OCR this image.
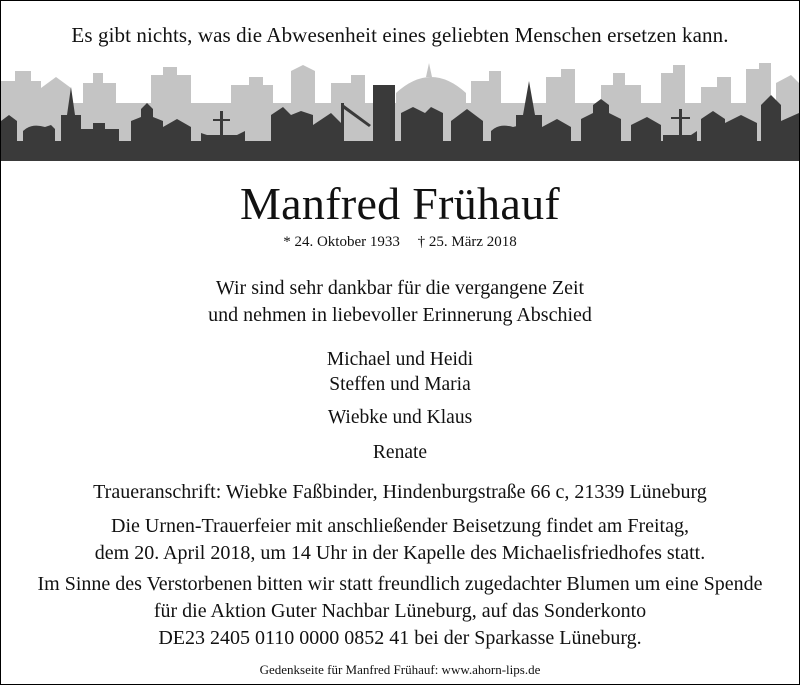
Es gibt nichts, was die Abwesenheit eines geliebten Menschen ersetzen kann.
Manfred Frühauf
* 24. Oktober 1933 † 25. März 2018
Wir sind sehr dankbar für die vergangene Zeit
und nehmen in liebevoller Erinnerung Abschied
Michael und Heidi
Steffen und Maria
Wiebke und Klaus
Renate
Traueranschrift: Wiebke Faßbinder, Hindenburgstraße 66 c, 21339 Lüneburg
Die Urnen-Trauerfeier mit anschließender Beisetzung findet am Freitag,
dem 20. April 2018, um 14 Uhr in der Kapelle des Michaelisfriedhofes statt.
Im Sinne des Verstorbenen bitten wir statt freundlich zugedachter Blumen um eine Spende
für die Aktion Guter Nachbar Lüneburg, auf das Sonderkonto
DE23 2405 0110 0000 0852 41 bei der Sparkasse Lüneburg.
Gedenkseite für Manfred Frühauf: www.ahorn-lips.de
